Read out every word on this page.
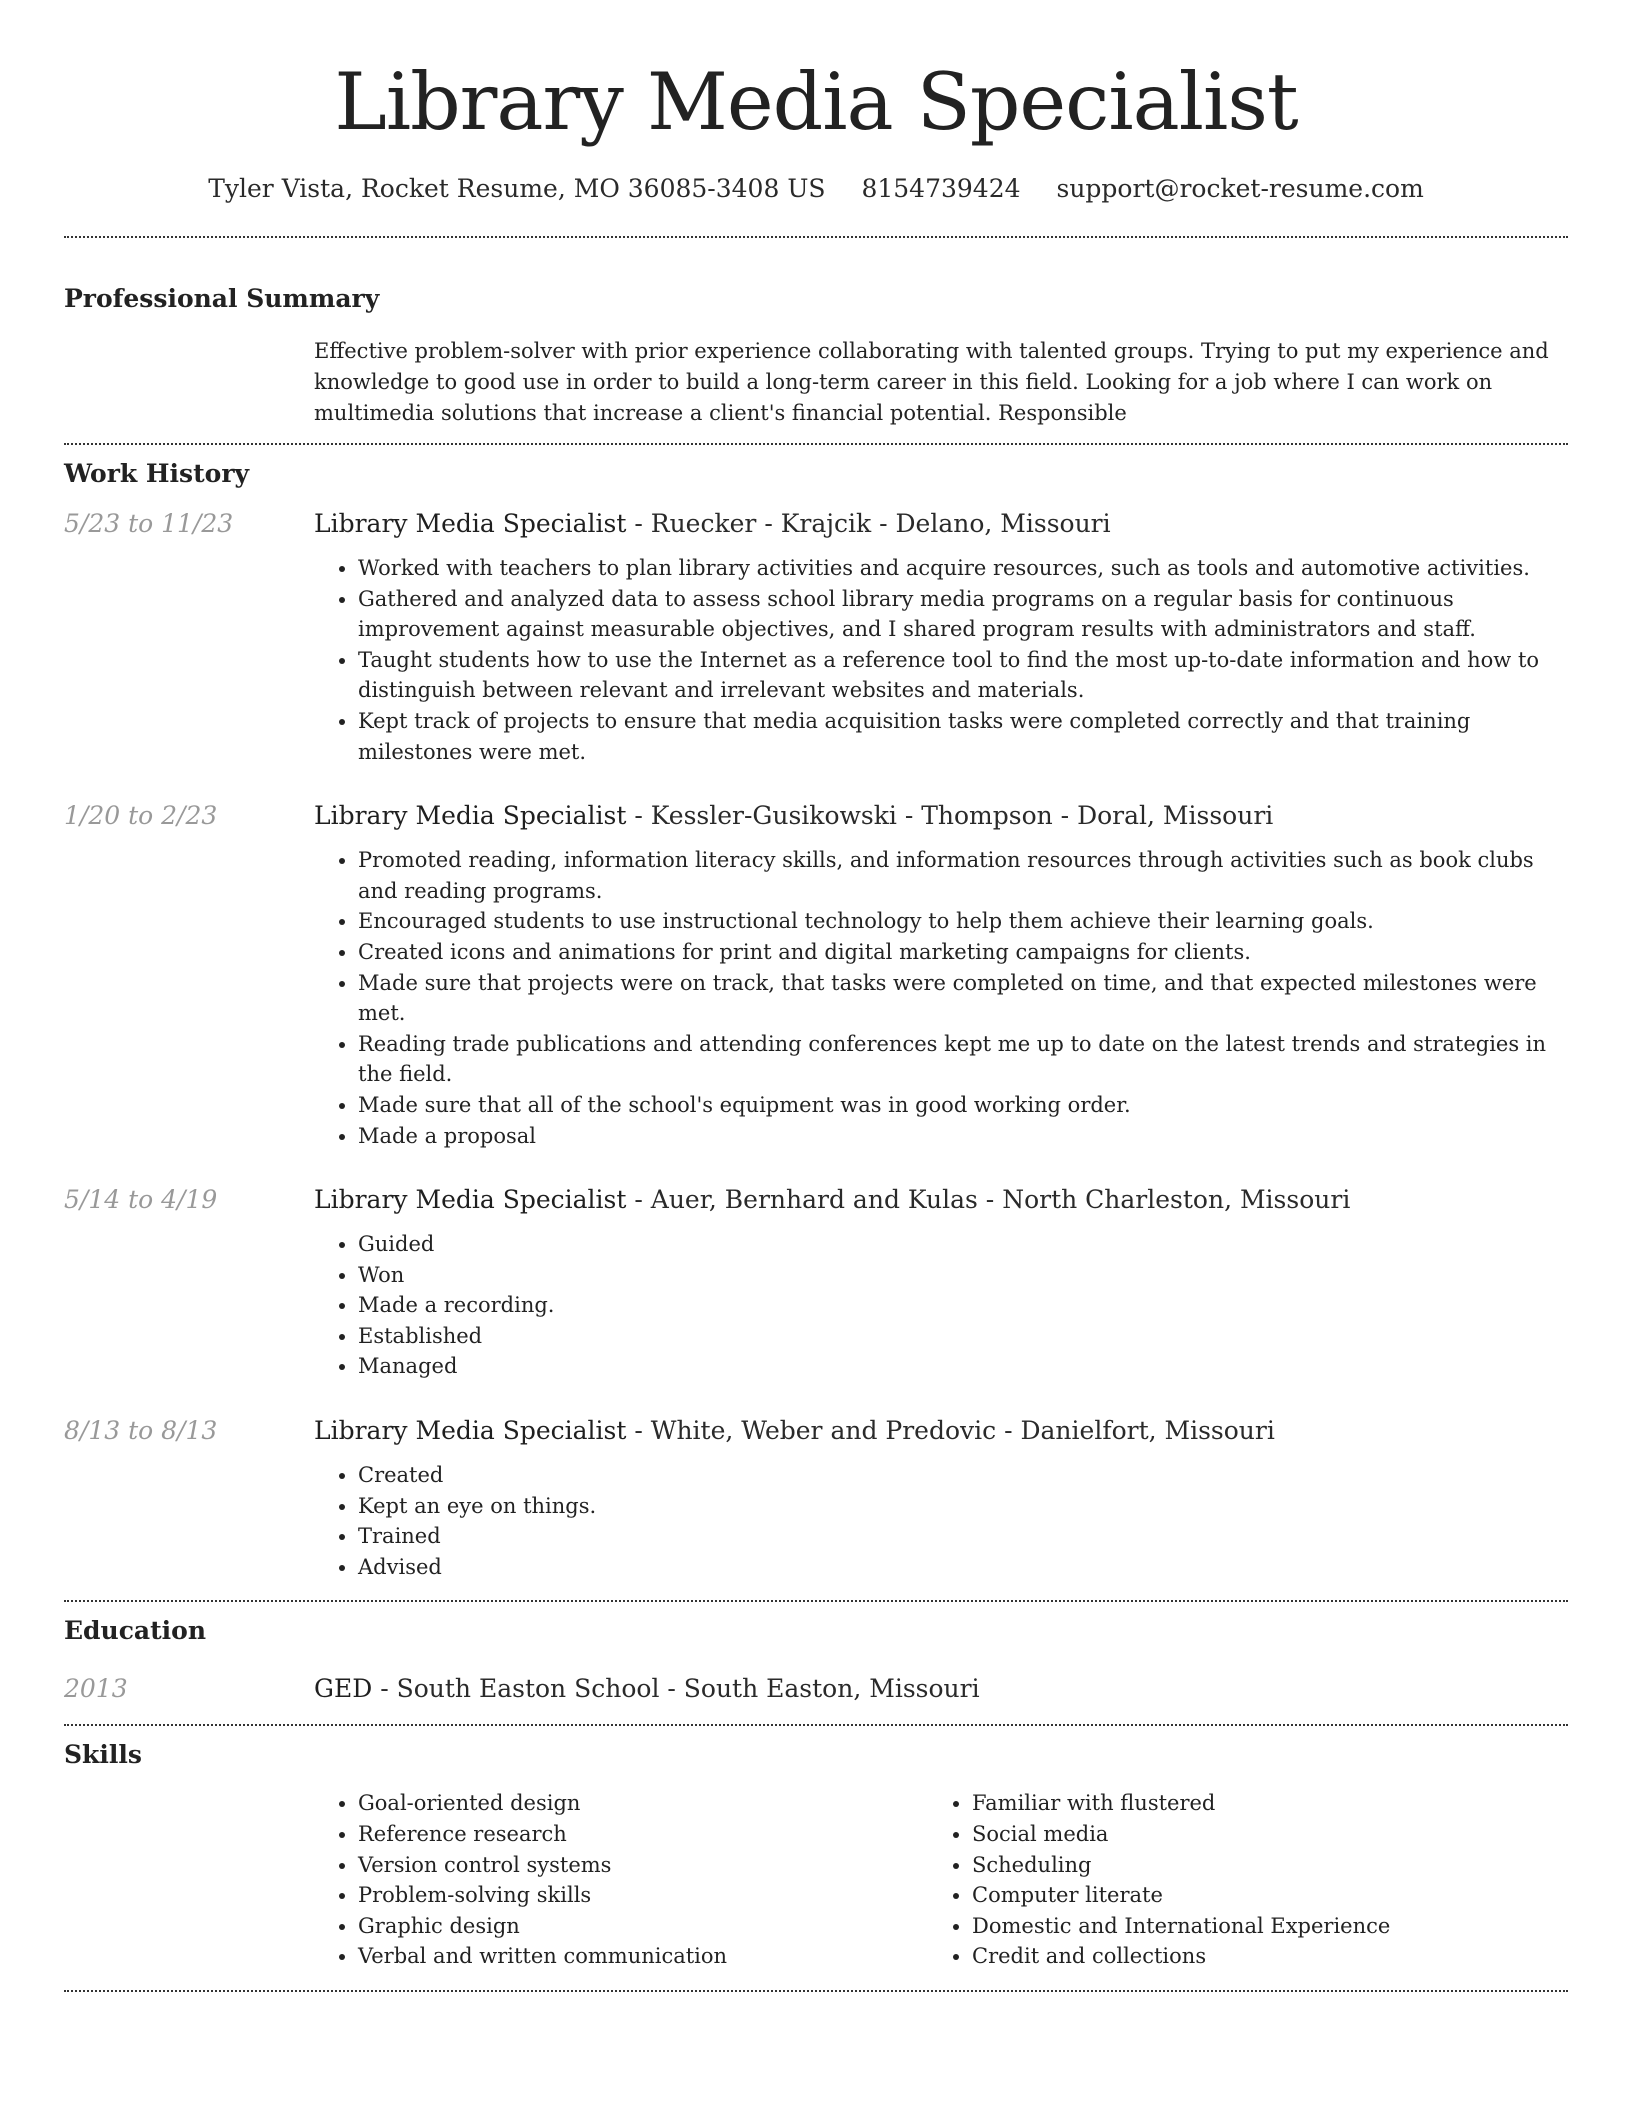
Library Media Specialist
Tyler Vista, Rocket Resume, MO 36085-3408 US 8154739424 support@rocket-resume.com
Professional Summary

Effective problem-solver with prior experience collaborating with talented groups. Trying to put my experience and knowledge to good use in order to build a long-term career in this field. Looking for a job where I can work on multimedia solutions that increase a client's financial potential. Responsible

Work History
5/23 to 11/23	Library Media Specialist - Ruecker - Krajcik - Delano, Missouri
• Worked with teachers to plan library activities and acquire resources, such as tools and automotive activities.
• Gathered and analyzed data to assess school library media programs on a regular basis for continuous improvement against measurable objectives, and I shared program results with administrators and staff.
• Taught students how to use the Internet as a reference tool to find the most up-to-date information and how to distinguish between relevant and irrelevant websites and materials.
• Kept track of projects to ensure that media acquisition tasks were completed correctly and that training milestones were met.
1/20 to 2/23	Library Media Specialist - Kessler-Gusikowski - Thompson - Doral, Missouri
• Promoted reading, information literacy skills, and information resources through activities such as book clubs and reading programs.
• Encouraged students to use instructional technology to help them achieve their learning goals.
• Created icons and animations for print and digital marketing campaigns for clients.
• Made sure that projects were on track, that tasks were completed on time, and that expected milestones were met.
• Reading trade publications and attending conferences kept me up to date on the latest trends and strategies in the field.
• Made sure that all of the school's equipment was in good working order.
• Made a proposal
5/14 to 4/19	Library Media Specialist - Auer, Bernhard and Kulas - North Charleston, Missouri
• Guided
• Won
• Made a recording.
• Established
• Managed
8/13 to 8/13	Library Media Specialist - White, Weber and Predovic - Danielfort, Missouri
• Created
• Kept an eye on things.
• Trained
• Advised
Education
2013	GED - South Easton School - South Easton, Missouri
Skills
• Goal-oriented design
• Reference research
• Version control systems
• Problem-solving skills
• Graphic design
• Verbal and written communication
• Familiar with flustered
• Social media
• Scheduling
• Computer literate
• Domestic and International Experience
• Credit and collections
